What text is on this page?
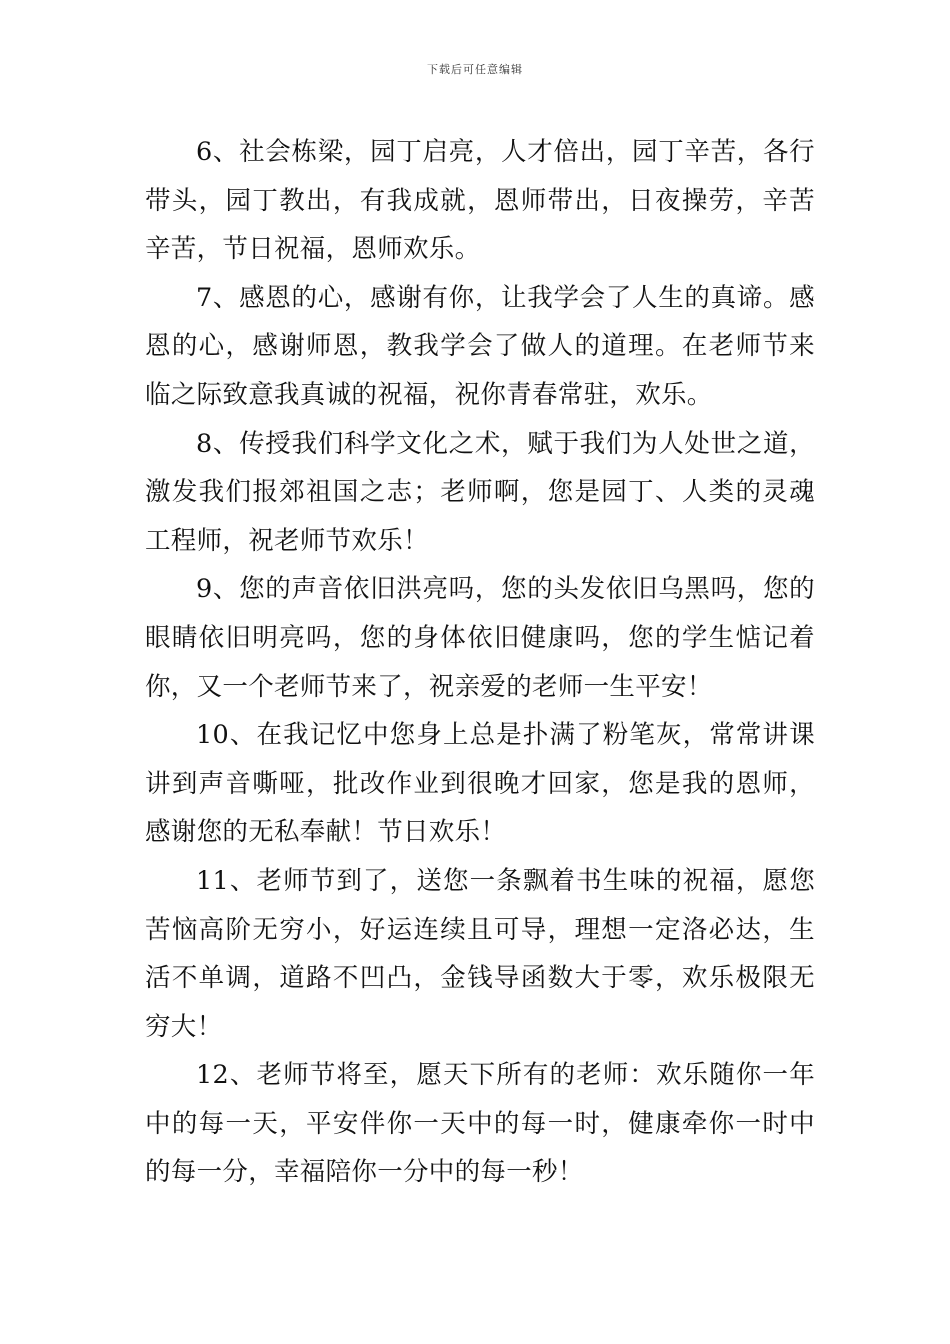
下载后可任意编辑

6、社会栋梁，园丁启亮，人才倍出，园丁辛苦，各行带头，园丁教出，有我成就，恩师带出，日夜操劳，辛苦辛苦，节日祝福，恩师欢乐。

7、感恩的心，感谢有你，让我学会了人生的真谛。感恩的心，感谢师恩，教我学会了做人的道理。在老师节来临之际致意我真诚的祝福，祝你青春常驻，欢乐。

8、传授我们科学文化之术，赋于我们为人处世之道，激发我们报郊祖国之志；老师啊，您是园丁、人类的灵魂工程师，祝老师节欢乐！

9、您的声音依旧洪亮吗，您的头发依旧乌黑吗，您的眼睛依旧明亮吗，您的身体依旧健康吗，您的学生惦记着你，又一个老师节来了，祝亲爱的老师一生平安！

10、在我记忆中您身上总是扑满了粉笔灰，常常讲课讲到声音嘶哑，批改作业到很晚才回家，您是我的恩师，感谢您的无私奉献！节日欢乐！

11、老师节到了，送您一条飘着书生味的祝福，愿您苦恼高阶无穷小，好运连续且可导，理想一定洛必达，生活不单调，道路不凹凸，金钱导函数大于零，欢乐极限无穷大！

12、老师节将至，愿天下所有的老师：欢乐随你一年中的每一天，平安伴你一天中的每一时，健康牵你一时中的每一分，幸福陪你一分中的每一秒！
